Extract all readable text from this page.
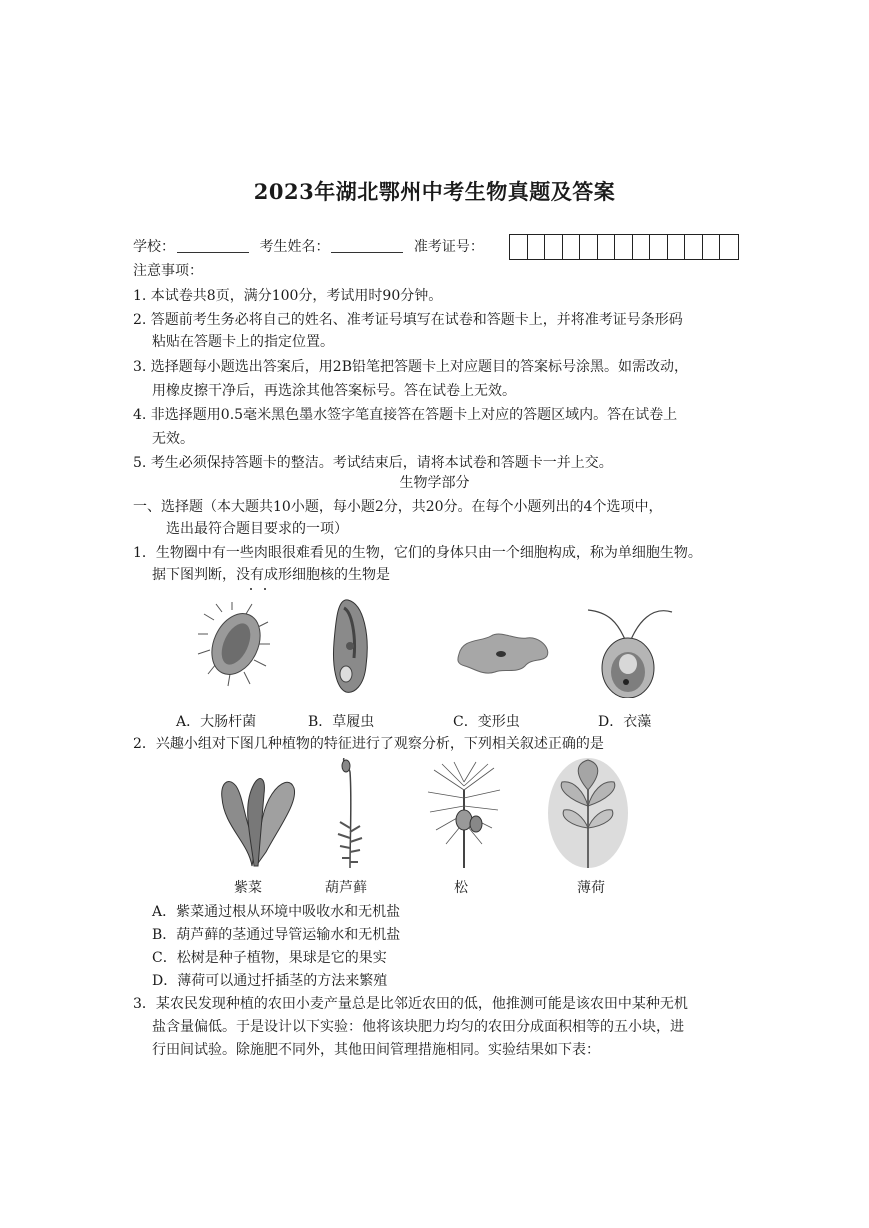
2023年湖北鄂州中考生物真题及答案
学校：	考生姓名：	准考证号：
注意事项：
1. 本试卷共8页，满分100分，考试用时90分钟。
2. 答题前考生务必将自己的姓名、准考证号填写在试卷和答题卡上，并将准考证号条形码
粘贴在答题卡上的指定位置。
3. 选择题每小题选出答案后，用2B铅笔把答题卡上对应题目的答案标号涂黑。如需改动，
用橡皮擦干净后，再选涂其他答案标号。答在试卷上无效。
4. 非选择题用0.5毫米黑色墨水签字笔直接答在答题卡上对应的答题区域内。答在试卷上
无效。
5. 考生必须保持答题卡的整洁。考试结束后，请将本试卷和答题卡一并上交。
生物学部分
一、选择题（本大题共10小题，每小题2分，共20分。在每个小题列出的4个选项中，
选出最符合题目要求的一项）
1．生物圈中有一些肉眼很难看见的生物，它们的身体只由一个细胞构成，称为单细胞生物。
据下图判断，没有成形细胞核的生物是
A．大肠杆菌	B．草履虫	C．变形虫	D．衣藻
2．兴趣小组对下图几种植物的特征进行了观察分析，下列相关叙述正确的是
紫菜	葫芦藓	松	薄荷
A．紫菜通过根从环境中吸收水和无机盐
B．葫芦藓的茎通过导管运输水和无机盐
C．松树是种子植物，果球是它的果实
D．薄荷可以通过扦插茎的方法来繁殖
3．某农民发现种植的农田小麦产量总是比邻近农田的低，他推测可能是该农田中某种无机
盐含量偏低。于是设计以下实验：他将该块肥力均匀的农田分成面积相等的五小块，进
行田间试验。除施肥不同外，其他田间管理措施相同。实验结果如下表：
